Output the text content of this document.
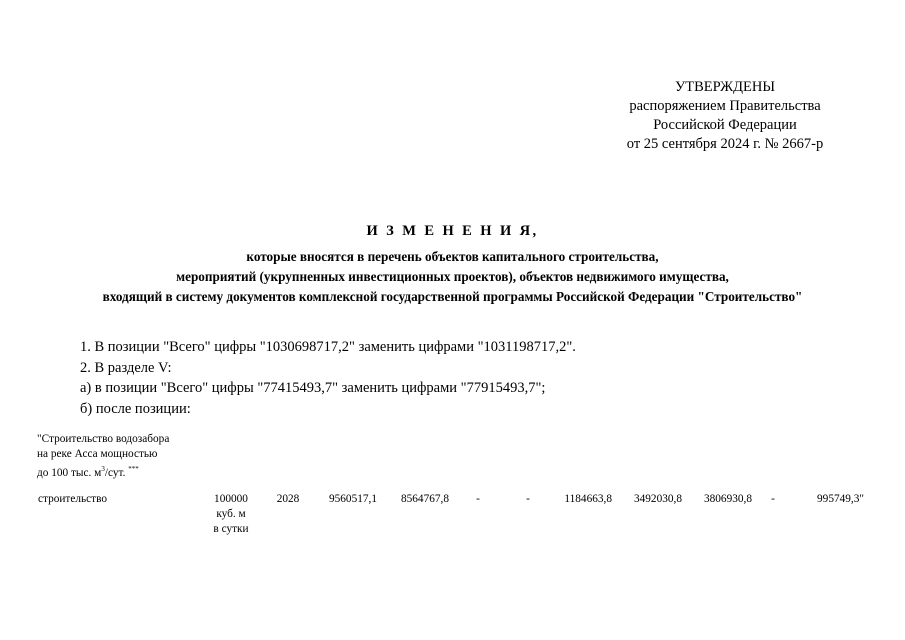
УТВЕРЖДЕНЫ
распоряжением Правительства
Российской Федерации
от 25 сентября 2024 г. № 2667-р
И З М Е Н Е Н И Я,
которые вносятся в перечень объектов капитального строительства,
мероприятий (укрупненных инвестиционных проектов), объектов недвижимого имущества,
входящий в систему документов комплексной государственной программы Российской Федерации "Строительство"
1. В позиции "Всего" цифры "1030698717,2" заменить цифрами "1031198717,2".
2. В разделе V:
а) в позиции "Всего" цифры "77415493,7" заменить цифрами "77915493,7";
б) после позиции:
"Строительство водозабора
на реке Асса мощностью
до 100 тыс. $м^3$/сут. ***
строительство	100000
куб. м
в сутки
2028	9560517,1	8564767,8	-	-	1184663,8	3492030,8	3806930,8	-	995749,3"
